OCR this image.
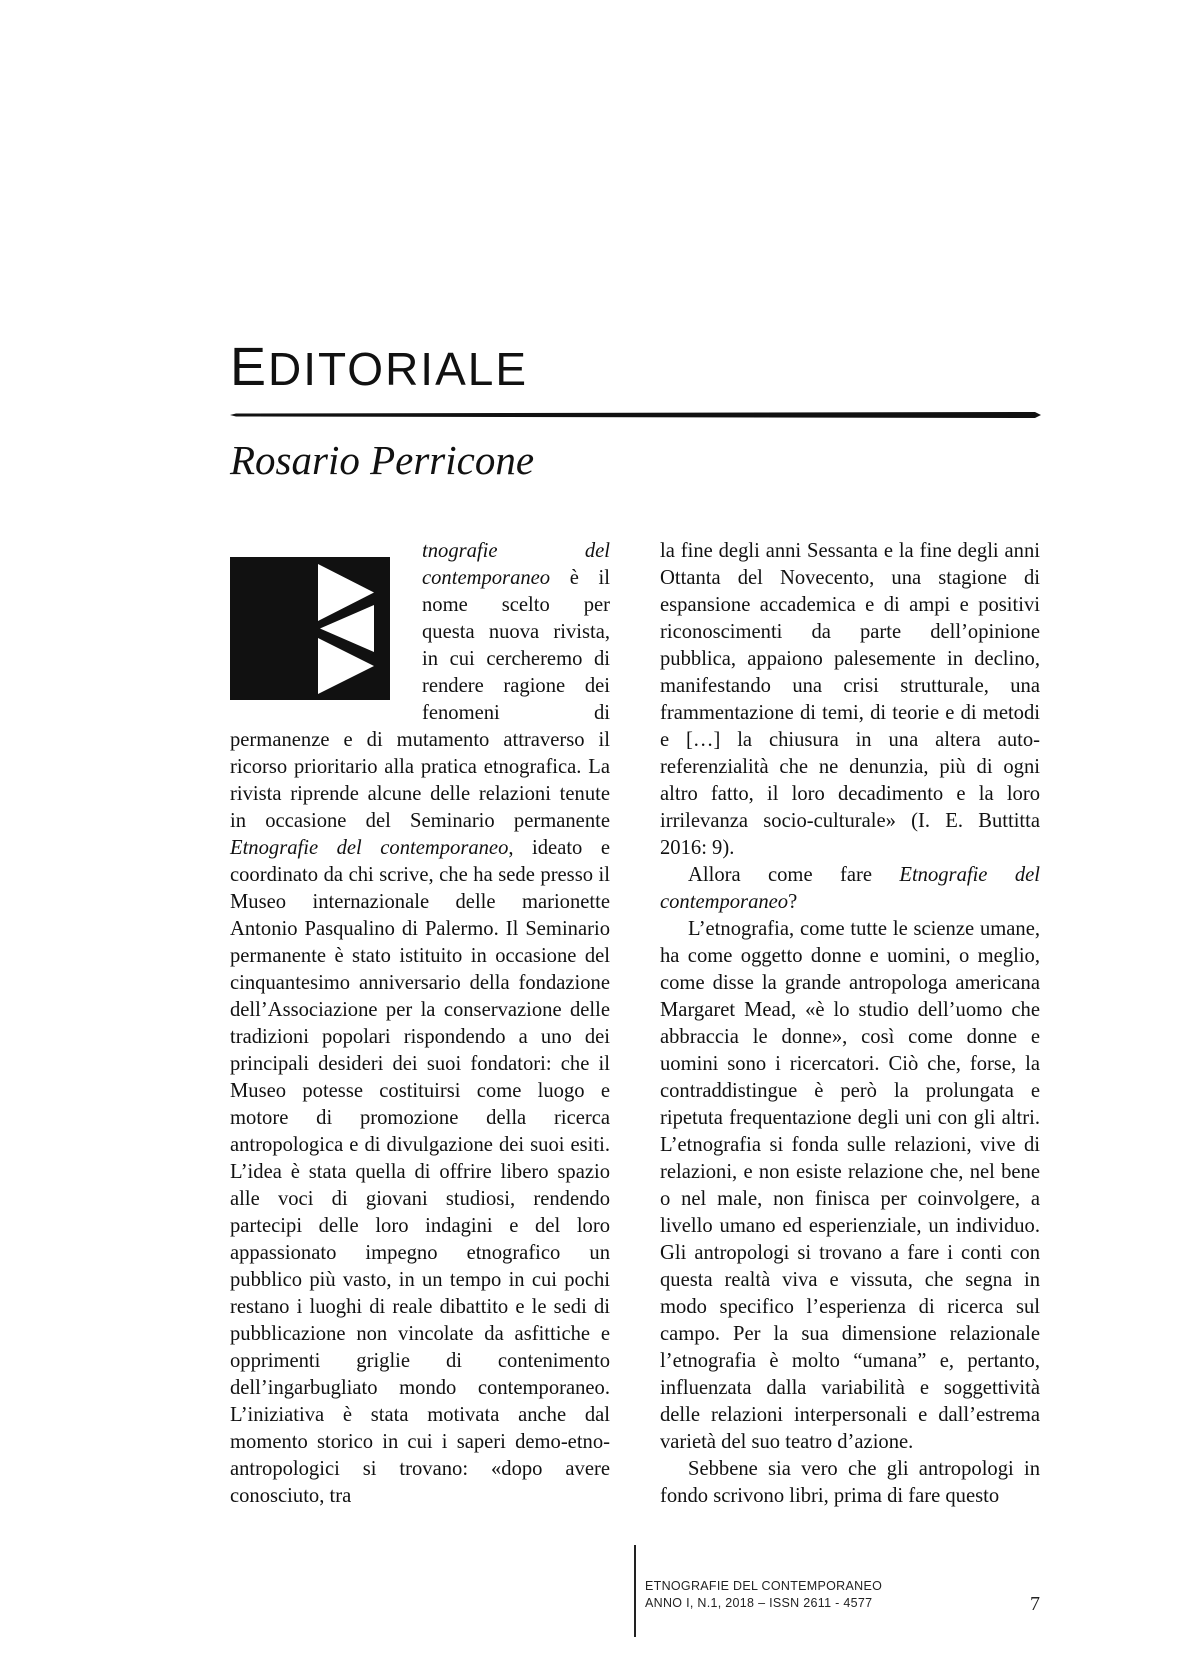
EDITORIALE
Rosario Perricone

tnografie del contemporaneo è il nome scelto per questa nuova rivista, in cui cercheremo di rendere ragione dei fenomeni di permanenze e di mutamento attraverso il ricorso prioritario alla pratica etnografica. La rivista riprende alcune delle relazioni tenute in occasione del Seminario permanente Etnografie del contemporaneo, ideato e coordinato da chi scrive, che ha sede presso il Museo internazionale delle marionette Antonio Pasqualino di Palermo. Il Seminario permanente è stato istituito in occasione del cinquantesimo anniversario della fondazione dell’Associazione per la conservazione delle tradizioni popolari rispondendo a uno dei principali desideri dei suoi fondatori: che il Museo potesse costituirsi come luogo e motore di promozione della ricerca antropologica e di divulgazione dei suoi esiti. L’idea è stata quella di offrire libero spazio alle voci di giovani studiosi, rendendo partecipi delle loro indagini e del loro appassionato impegno etnografico un pubblico più vasto, in un tempo in cui pochi restano i luoghi di reale dibattito e le sedi di pubblicazione non vincolate da asfittiche e opprimenti griglie di contenimento dell’ingarbugliato mondo contemporaneo. L’iniziativa è stata motivata anche dal momento storico in cui i saperi demo-etno-antropologici si trovano: «dopo avere conosciuto, tra

la fine degli anni Sessanta e la fine degli anni Ottanta del Novecento, una stagione di espansione accademica e di ampi e positivi riconoscimenti da parte dell’opinione pubblica, appaiono palesemente in declino, manifestando una crisi strutturale, una frammentazione di temi, di teorie e di metodi e […] la chiusura in una altera auto-referenzialità che ne denunzia, più di ogni altro fatto, il loro decadimento e la loro irrilevanza socio-culturale» (I. E. Buttitta 2016: 9).

Allora come fare Etnografie del contemporaneo?

L’etnografia, come tutte le scienze umane, ha come oggetto donne e uomini, o meglio, come disse la grande antropologa americana Margaret Mead, «è lo studio dell’uomo che abbraccia le donne», così come donne e uomini sono i ricercatori. Ciò che, forse, la contraddistingue è però la prolungata e ripetuta frequentazione degli uni con gli altri. L’etnografia si fonda sulle relazioni, vive di relazioni, e non esiste relazione che, nel bene o nel male, non finisca per coinvolgere, a livello umano ed esperienziale, un individuo. Gli antropologi si trovano a fare i conti con questa realtà viva e vissuta, che segna in modo specifico l’esperienza di ricerca sul campo. Per la sua dimensione relazionale l’etnografia è molto “umana” e, pertanto, influenzata dalla variabilità e soggettività delle relazioni interpersonali e dall’estrema varietà del suo teatro d’azione.

Sebbene sia vero che gli antropologi in fondo scrivono libri, prima di fare questo

ETNOGRAFIE DEL CONTEMPORANEO
ANNO I, N.1, 2018 – ISSN 2611 - 4577	7
